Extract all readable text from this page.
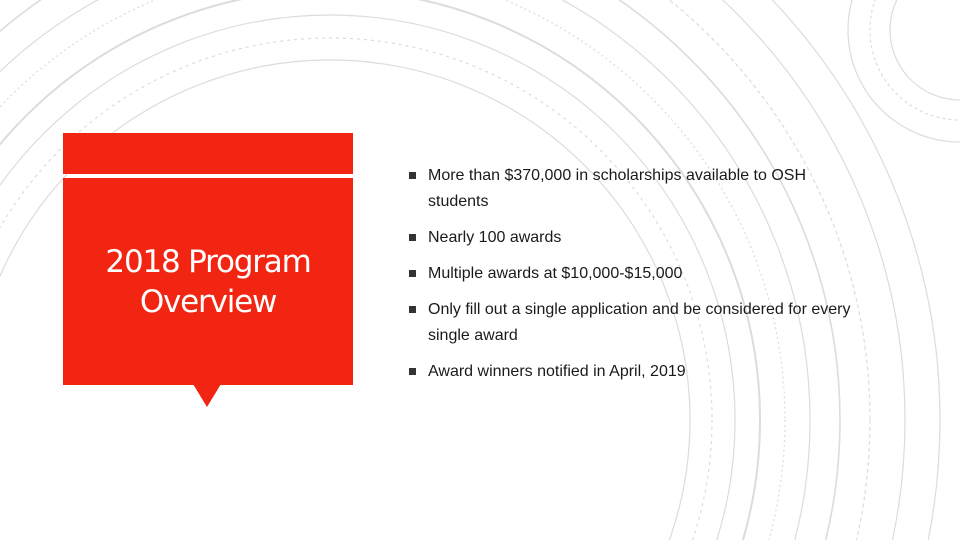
2018 Program Overview
More than $370,000 in scholarships available to OSH students
Nearly 100 awards
Multiple awards at $10,000-$15,000
Only fill out a single application and be considered for every single award
Award winners notified in April, 2019
